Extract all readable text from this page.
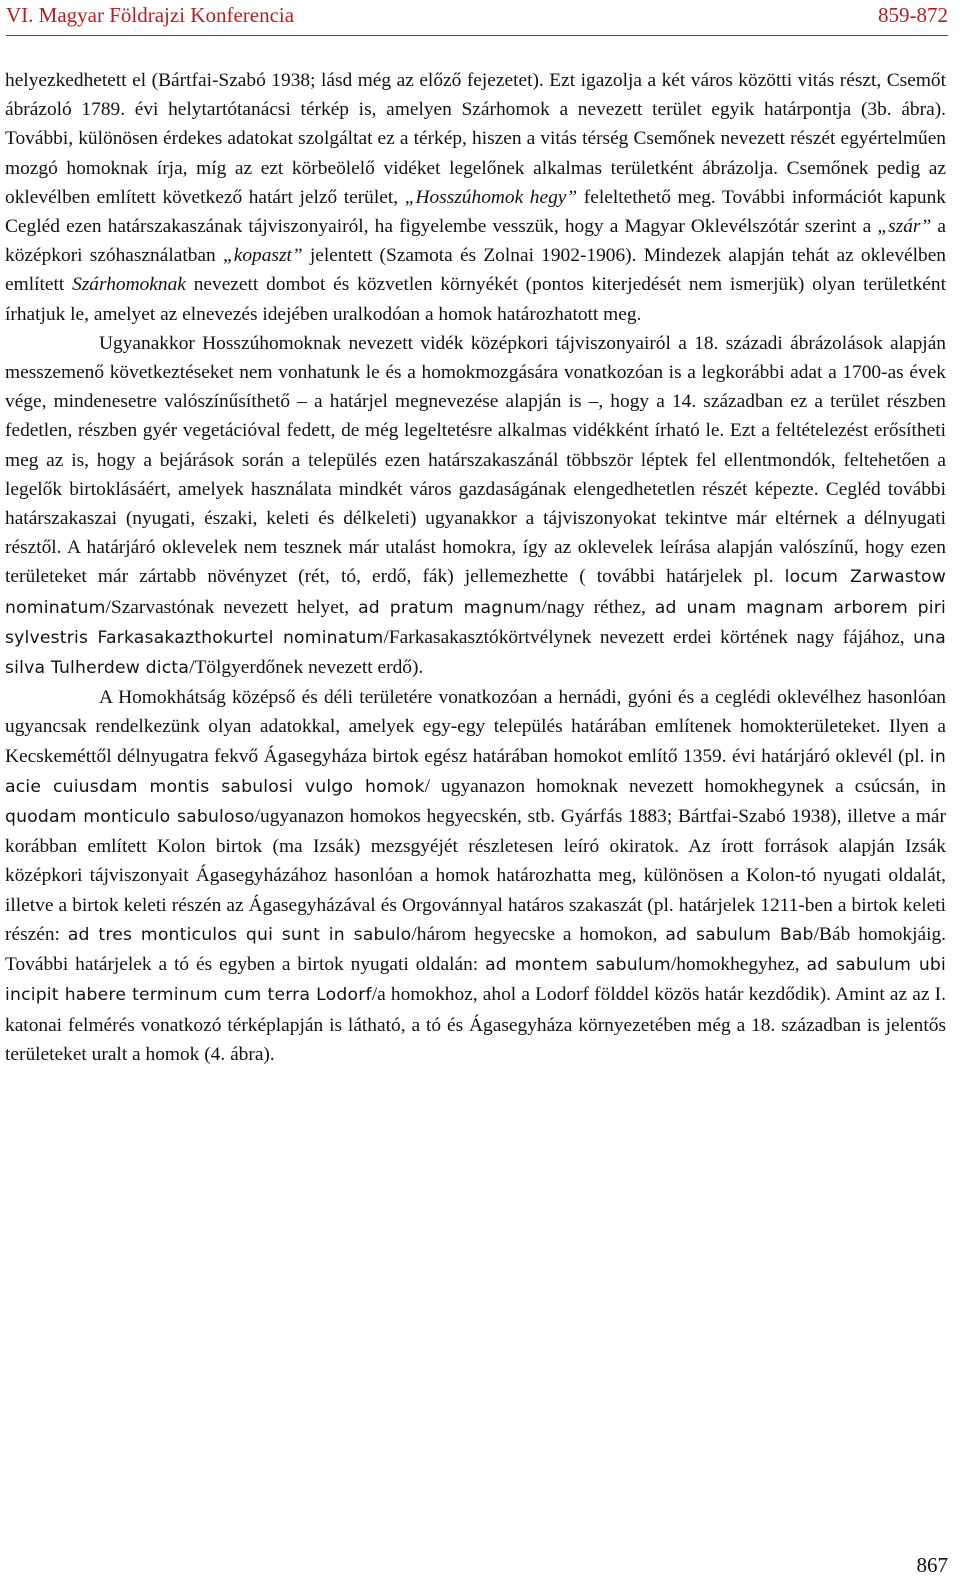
VI. Magyar Földrajzi Konferencia	859-872

helyezkedhetett el (Bártfai-Szabó 1938; lásd még az előző fejezetet). Ezt igazolja a két város közötti vitás részt, Csemőt ábrázoló 1789. évi helytartótanácsi térkép is, amelyen Szárhomok a nevezett terület egyik határpontja (3b. ábra). További, különösen érdekes adatokat szolgáltat ez a térkép, hiszen a vitás térség Csemőnek nevezett részét egyértelműen mozgó homoknak írja, míg az ezt körbeölelő vidéket legelőnek alkalmas területként ábrázolja. Csemőnek pedig az oklevélben említett következő határt jelző terület, „Hosszúhomok hegy” feleltethető meg. További információt kapunk Cegléd ezen határszakaszának tájviszonyairól, ha figyelembe vesszük, hogy a Magyar Oklevélszótár szerint a „szár” a középkori szóhasználatban „kopaszt” jelentett (Szamota és Zolnai 1902-1906). Mindezek alapján tehát az oklevélben említett Szárhomoknak nevezett dombot és közvetlen környékét (pontos kiterjedését nem ismerjük) olyan területként írhatjuk le, amelyet az elnevezés idejében uralkodóan a homok határozhatott meg.

Ugyanakkor Hosszúhomoknak nevezett vidék középkori tájviszonyairól a 18. századi ábrázolások alapján messzemenő következtéseket nem vonhatunk le és a homokmozgására vonatkozóan is a legkorábbi adat a 1700-as évek vége, mindenesetre valószínűsíthető – a határjel megnevezése alapján is –, hogy a 14. században ez a terület részben fedetlen, részben gyér vegetációval fedett, de még legeltetésre alkalmas vidékként írható le. Ezt a feltételezést erősítheti meg az is, hogy a bejárások során a település ezen határszakaszánál többször léptek fel ellentmondók, feltehetően a legelők birtoklásáért, amelyek használata mindkét város gazdaságának elengedhetetlen részét képezte. Cegléd további határszakaszai (nyugati, északi, keleti és délkeleti) ugyanakkor a tájviszonyokat tekintve már eltérnek a délnyugati résztől. A határjáró oklevelek nem tesznek már utalást homokra, így az oklevelek leírása alapján valószínű, hogy ezen területeket már zártabb növényzet (rét, tó, erdő, fák) jellemezhette ( további határjelek pl. locum Zarwastow nominatum/Szarvastónak nevezett helyet, ad pratum magnum/nagy réthez, ad unam magnam arborem piri sylvestris Farkasakazthokurtel nominatum/Farkasakasztókörtvélynek nevezett erdei körtének nagy fájához, una silva Tulherdew dicta/Tölgyerdőnek nevezett erdő).

A Homokhátság középső és déli területére vonatkozóan a hernádi, gyóni és a ceglédi oklevélhez hasonlóan ugyancsak rendelkezünk olyan adatokkal, amelyek egy-egy település határában említenek homokterületeket. Ilyen a Kecskeméttől délnyugatra fekvő Ágasegyháza birtok egész határában homokot említő 1359. évi határjáró oklevél (pl. in acie cuiusdam montis sabulosi vulgo homok/ ugyanazon homoknak nevezett homokhegynek a csúcsán, in quodam monticulo sabuloso/ugyanazon homokos hegyecskén, stb. Gyárfás 1883; Bártfai-Szabó 1938), illetve a már korábban említett Kolon birtok (ma Izsák) mezsgyéjét részletesen leíró okiratok. Az írott források alapján Izsák középkori tájviszonyait Ágasegyházához hasonlóan a homok határozhatta meg, különösen a Kolon-tó nyugati oldalát, illetve a birtok keleti részén az Ágasegyházával és Orgovánnyal határos szakaszát (pl. határjelek 1211-ben a birtok keleti részén: ad tres monticulos qui sunt in sabulo/három hegyecske a homokon, ad sabulum Bab/Báb homokjáig. További határjelek a tó és egyben a birtok nyugati oldalán: ad montem sabulum/homokhegyhez, ad sabulum ubi incipit habere terminum cum terra Lodorf/a homokhoz, ahol a Lodorf földdel közös határ kezdődik). Amint az az I. katonai felmérés vonatkozó térképlapján is látható, a tó és Ágasegyháza környezetében még a 18. században is jelentős területeket uralt a homok (4. ábra).

867
